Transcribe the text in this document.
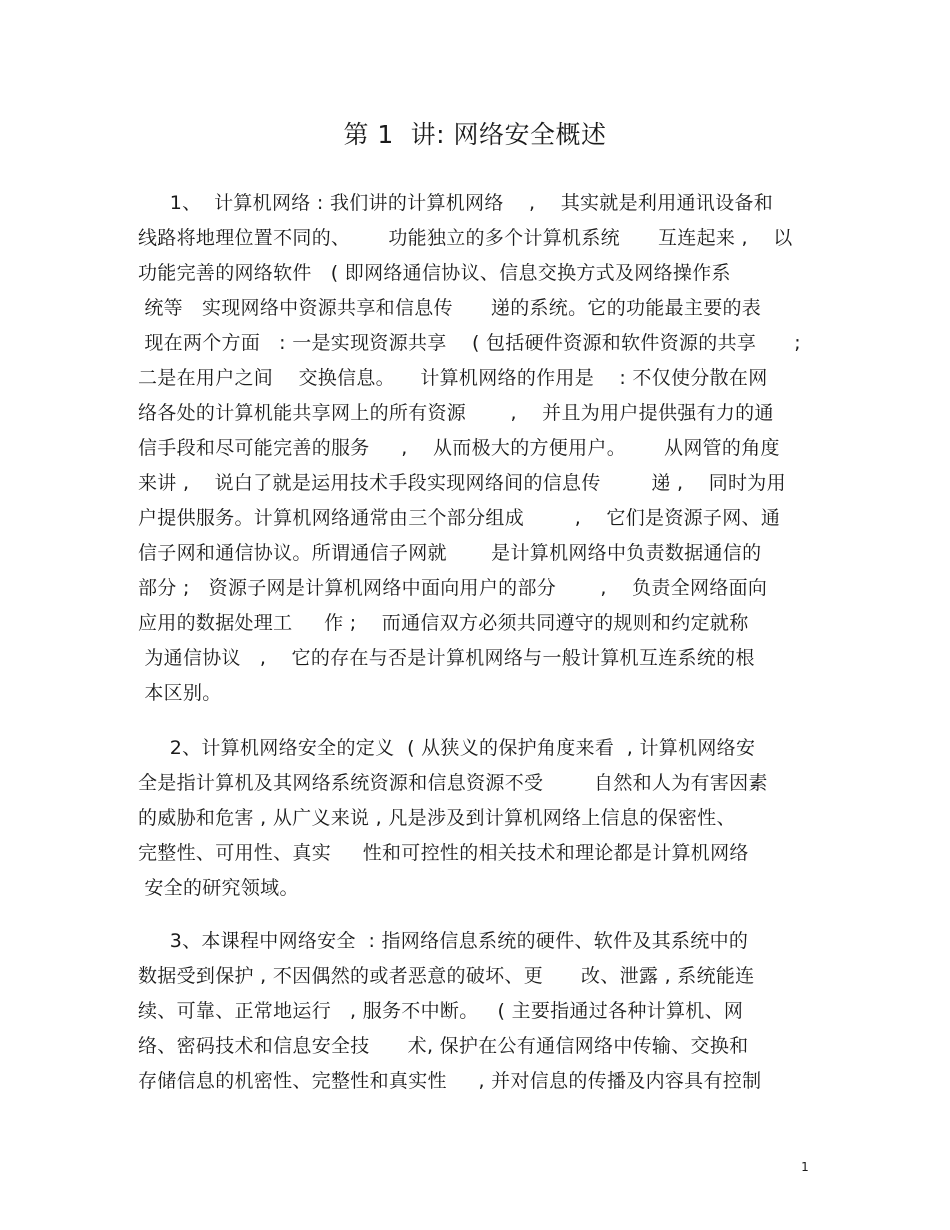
第 1  讲: 网络安全概述
1、  计算机网络 : 我们讲的计算机网络    ,    其实就是利用通讯设备和
线路将地理位置不同的、      功能独立的多个计算机系统      互连起来 ,    以
功能完善的网络软件   ( 即网络通信协议、信息交换方式及网络操作系
统等   实现网络中资源共享和信息传      递的系统。它的功能最主要的表
现在两个方面   : 一是实现资源共享    ( 包括硬件资源和软件资源的共享      ;
二是在用户之间    交换信息。    计算机网络的作用是    : 不仅使分散在网
络各处的计算机能共享网上的所有资源       ,    并且为用户提供强有力的通
信手段和尽可能完善的服务     ,    从而极大的方便用户。      从网管的角度
来讲 ,    说白了就是运用技术手段实现网络间的信息传        递 ,    同时为用
户提供服务。计算机网络通常由三个部分组成        ,    它们是资源子网、通
信子网和通信协议。所谓通信子网就       是计算机网络中负责数据通信的
部分 ;   资源子网是计算机网络中面向用户的部分       ,    负责全网络面向
应用的数据处理工     作 ;    而通信双方必须共同遵守的规则和约定就称
为通信协议   ,    它的存在与否是计算机网络与一般计算机互连系统的根
本区别。
2、计算机网络安全的定义  ( 从狭义的保护角度来看  , 计算机网络安
全是指计算机及其网络系统资源和信息资源不受        自然和人为有害因素
的威胁和危害 , 从广义来说 , 凡是涉及到计算机网络上信息的保密性、
完整性、可用性、真实     性和可控性的相关技术和理论都是计算机网络
安全的研究领域。
3、本课程中网络安全  : 指网络信息系统的硬件、软件及其系统中的
数据受到保护 , 不因偶然的或者恶意的破坏、更      改、泄露 , 系统能连
续、可靠、正常地运行   , 服务不中断。   ( 主要指通过各种计算机、网
络、密码技术和信息安全技      术, 保护在公有通信网络中传输、交换和
存储信息的机密性、完整性和真实性     , 并对信息的传播及内容具有控制
1
